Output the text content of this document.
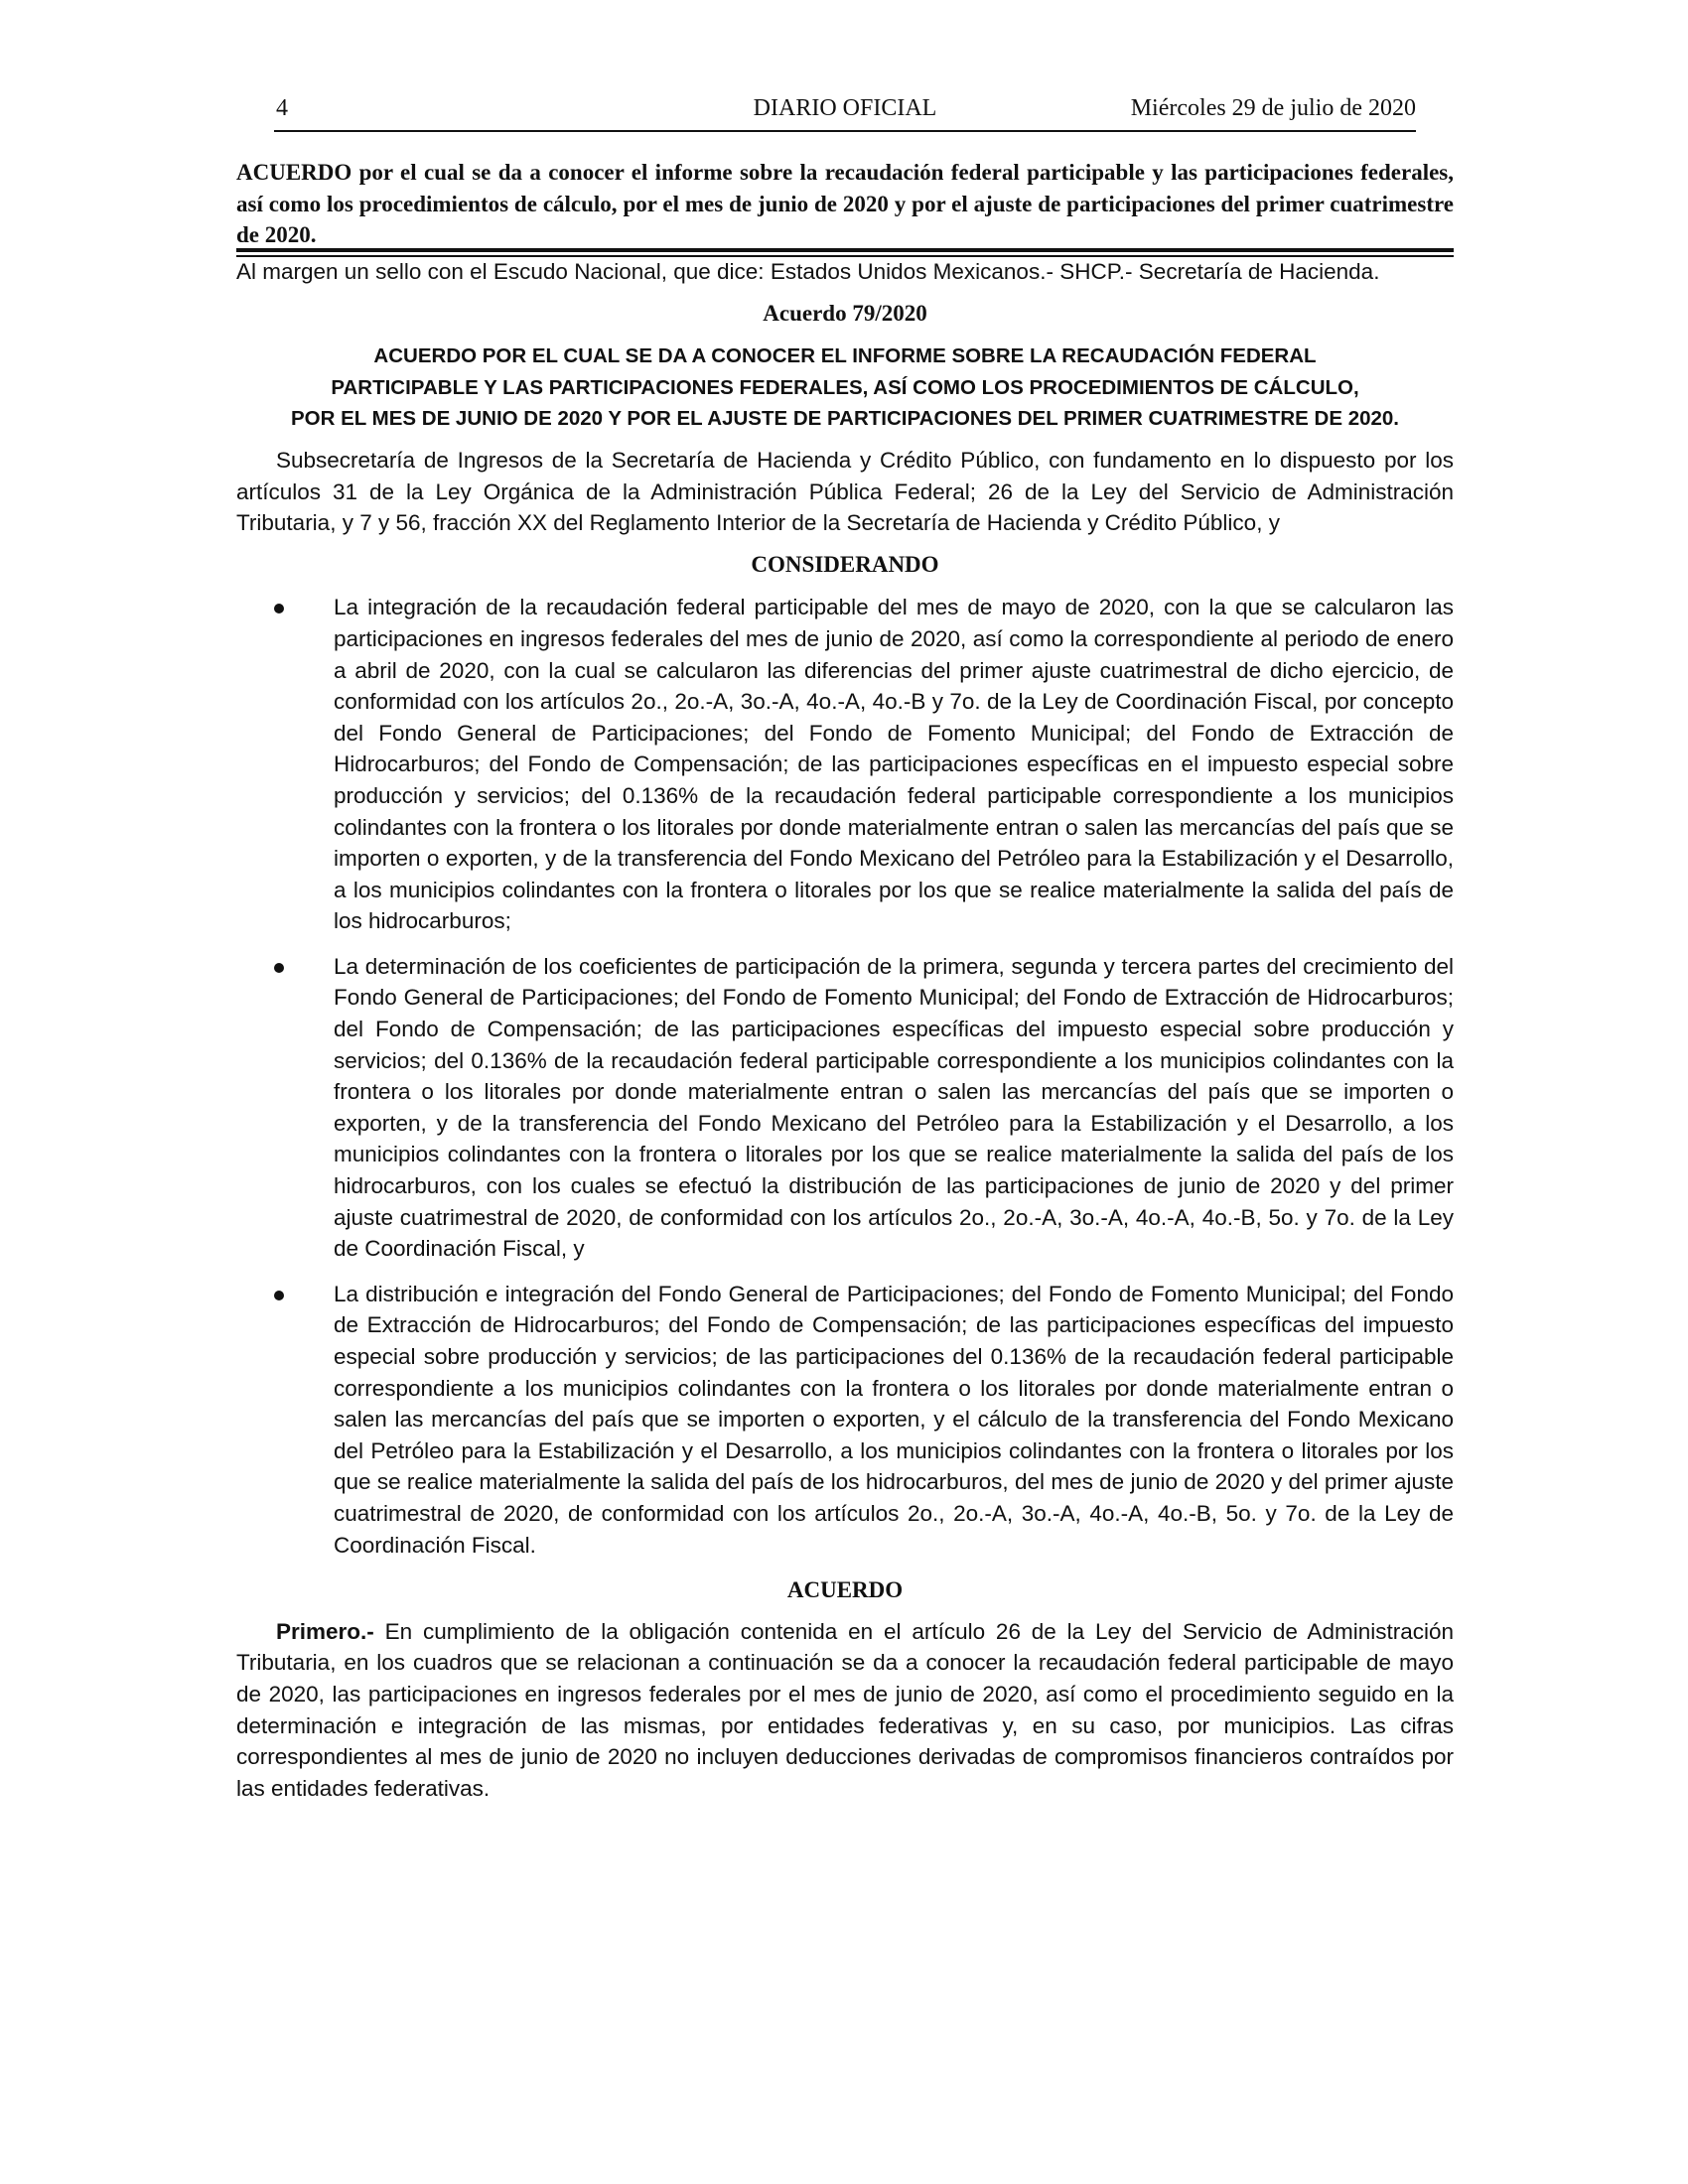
4	DIARIO OFICIAL	Miércoles 29 de julio de 2020

ACUERDO por el cual se da a conocer el informe sobre la recaudación federal participable y las participaciones federales, así como los procedimientos de cálculo, por el mes de junio de 2020 y por el ajuste de participaciones del primer cuatrimestre de 2020.

Al margen un sello con el Escudo Nacional, que dice: Estados Unidos Mexicanos.- SHCP.- Secretaría de Hacienda.

Acuerdo 79/2020

ACUERDO POR EL CUAL SE DA A CONOCER EL INFORME SOBRE LA RECAUDACIÓN FEDERAL
PARTICIPABLE Y LAS PARTICIPACIONES FEDERALES, ASÍ COMO LOS PROCEDIMIENTOS DE CÁLCULO,
POR EL MES DE JUNIO DE 2020 Y POR EL AJUSTE DE PARTICIPACIONES DEL PRIMER CUATRIMESTRE DE 2020.

Subsecretaría de Ingresos de la Secretaría de Hacienda y Crédito Público, con fundamento en lo dispuesto por los artículos 31 de la Ley Orgánica de la Administración Pública Federal; 26 de la Ley del Servicio de Administración Tributaria, y 7 y 56, fracción XX del Reglamento Interior de la Secretaría de Hacienda y Crédito Público, y

CONSIDERANDO

La integración de la recaudación federal participable del mes de mayo de 2020, con la que se calcularon las participaciones en ingresos federales del mes de junio de 2020, así como la correspondiente al periodo de enero a abril de 2020, con la cual se calcularon las diferencias del primer ajuste cuatrimestral de dicho ejercicio, de conformidad con los artículos 2o., 2o.-A, 3o.-A, 4o.-A, 4o.-B y 7o. de la Ley de Coordinación Fiscal, por concepto del Fondo General de Participaciones; del Fondo de Fomento Municipal; del Fondo de Extracción de Hidrocarburos; del Fondo de Compensación; de las participaciones específicas en el impuesto especial sobre producción y servicios; del 0.136% de la recaudación federal participable correspondiente a los municipios colindantes con la frontera o los litorales por donde materialmente entran o salen las mercancías del país que se importen o exporten, y de la transferencia del Fondo Mexicano del Petróleo para la Estabilización y el Desarrollo, a los municipios colindantes con la frontera o litorales por los que se realice materialmente la salida del país de los hidrocarburos;
La determinación de los coeficientes de participación de la primera, segunda y tercera partes del crecimiento del Fondo General de Participaciones; del Fondo de Fomento Municipal; del Fondo de Extracción de Hidrocarburos; del Fondo de Compensación; de las participaciones específicas del impuesto especial sobre producción y servicios; del 0.136% de la recaudación federal participable correspondiente a los municipios colindantes con la frontera o los litorales por donde materialmente entran o salen las mercancías del país que se importen o exporten, y de la transferencia del Fondo Mexicano del Petróleo para la Estabilización y el Desarrollo, a los municipios colindantes con la frontera o litorales por los que se realice materialmente la salida del país de los hidrocarburos, con los cuales se efectuó la distribución de las participaciones de junio de 2020 y del primer ajuste cuatrimestral de 2020, de conformidad con los artículos 2o., 2o.-A, 3o.-A, 4o.-A, 4o.-B, 5o. y 7o. de la Ley de Coordinación Fiscal, y
La distribución e integración del Fondo General de Participaciones; del Fondo de Fomento Municipal; del Fondo de Extracción de Hidrocarburos; del Fondo de Compensación; de las participaciones específicas del impuesto especial sobre producción y servicios; de las participaciones del 0.136% de la recaudación federal participable correspondiente a los municipios colindantes con la frontera o los litorales por donde materialmente entran o salen las mercancías del país que se importen o exporten, y el cálculo de la transferencia del Fondo Mexicano del Petróleo para la Estabilización y el Desarrollo, a los municipios colindantes con la frontera o litorales por los que se realice materialmente la salida del país de los hidrocarburos, del mes de junio de 2020 y del primer ajuste cuatrimestral de 2020, de conformidad con los artículos 2o., 2o.-A, 3o.-A, 4o.-A, 4o.-B, 5o. y 7o. de la Ley de Coordinación Fiscal.

ACUERDO

Primero.- En cumplimiento de la obligación contenida en el artículo 26 de la Ley del Servicio de Administración Tributaria, en los cuadros que se relacionan a continuación se da a conocer la recaudación federal participable de mayo de 2020, las participaciones en ingresos federales por el mes de junio de 2020, así como el procedimiento seguido en la determinación e integración de las mismas, por entidades federativas y, en su caso, por municipios. Las cifras correspondientes al mes de junio de 2020 no incluyen deducciones derivadas de compromisos financieros contraídos por las entidades federativas.
